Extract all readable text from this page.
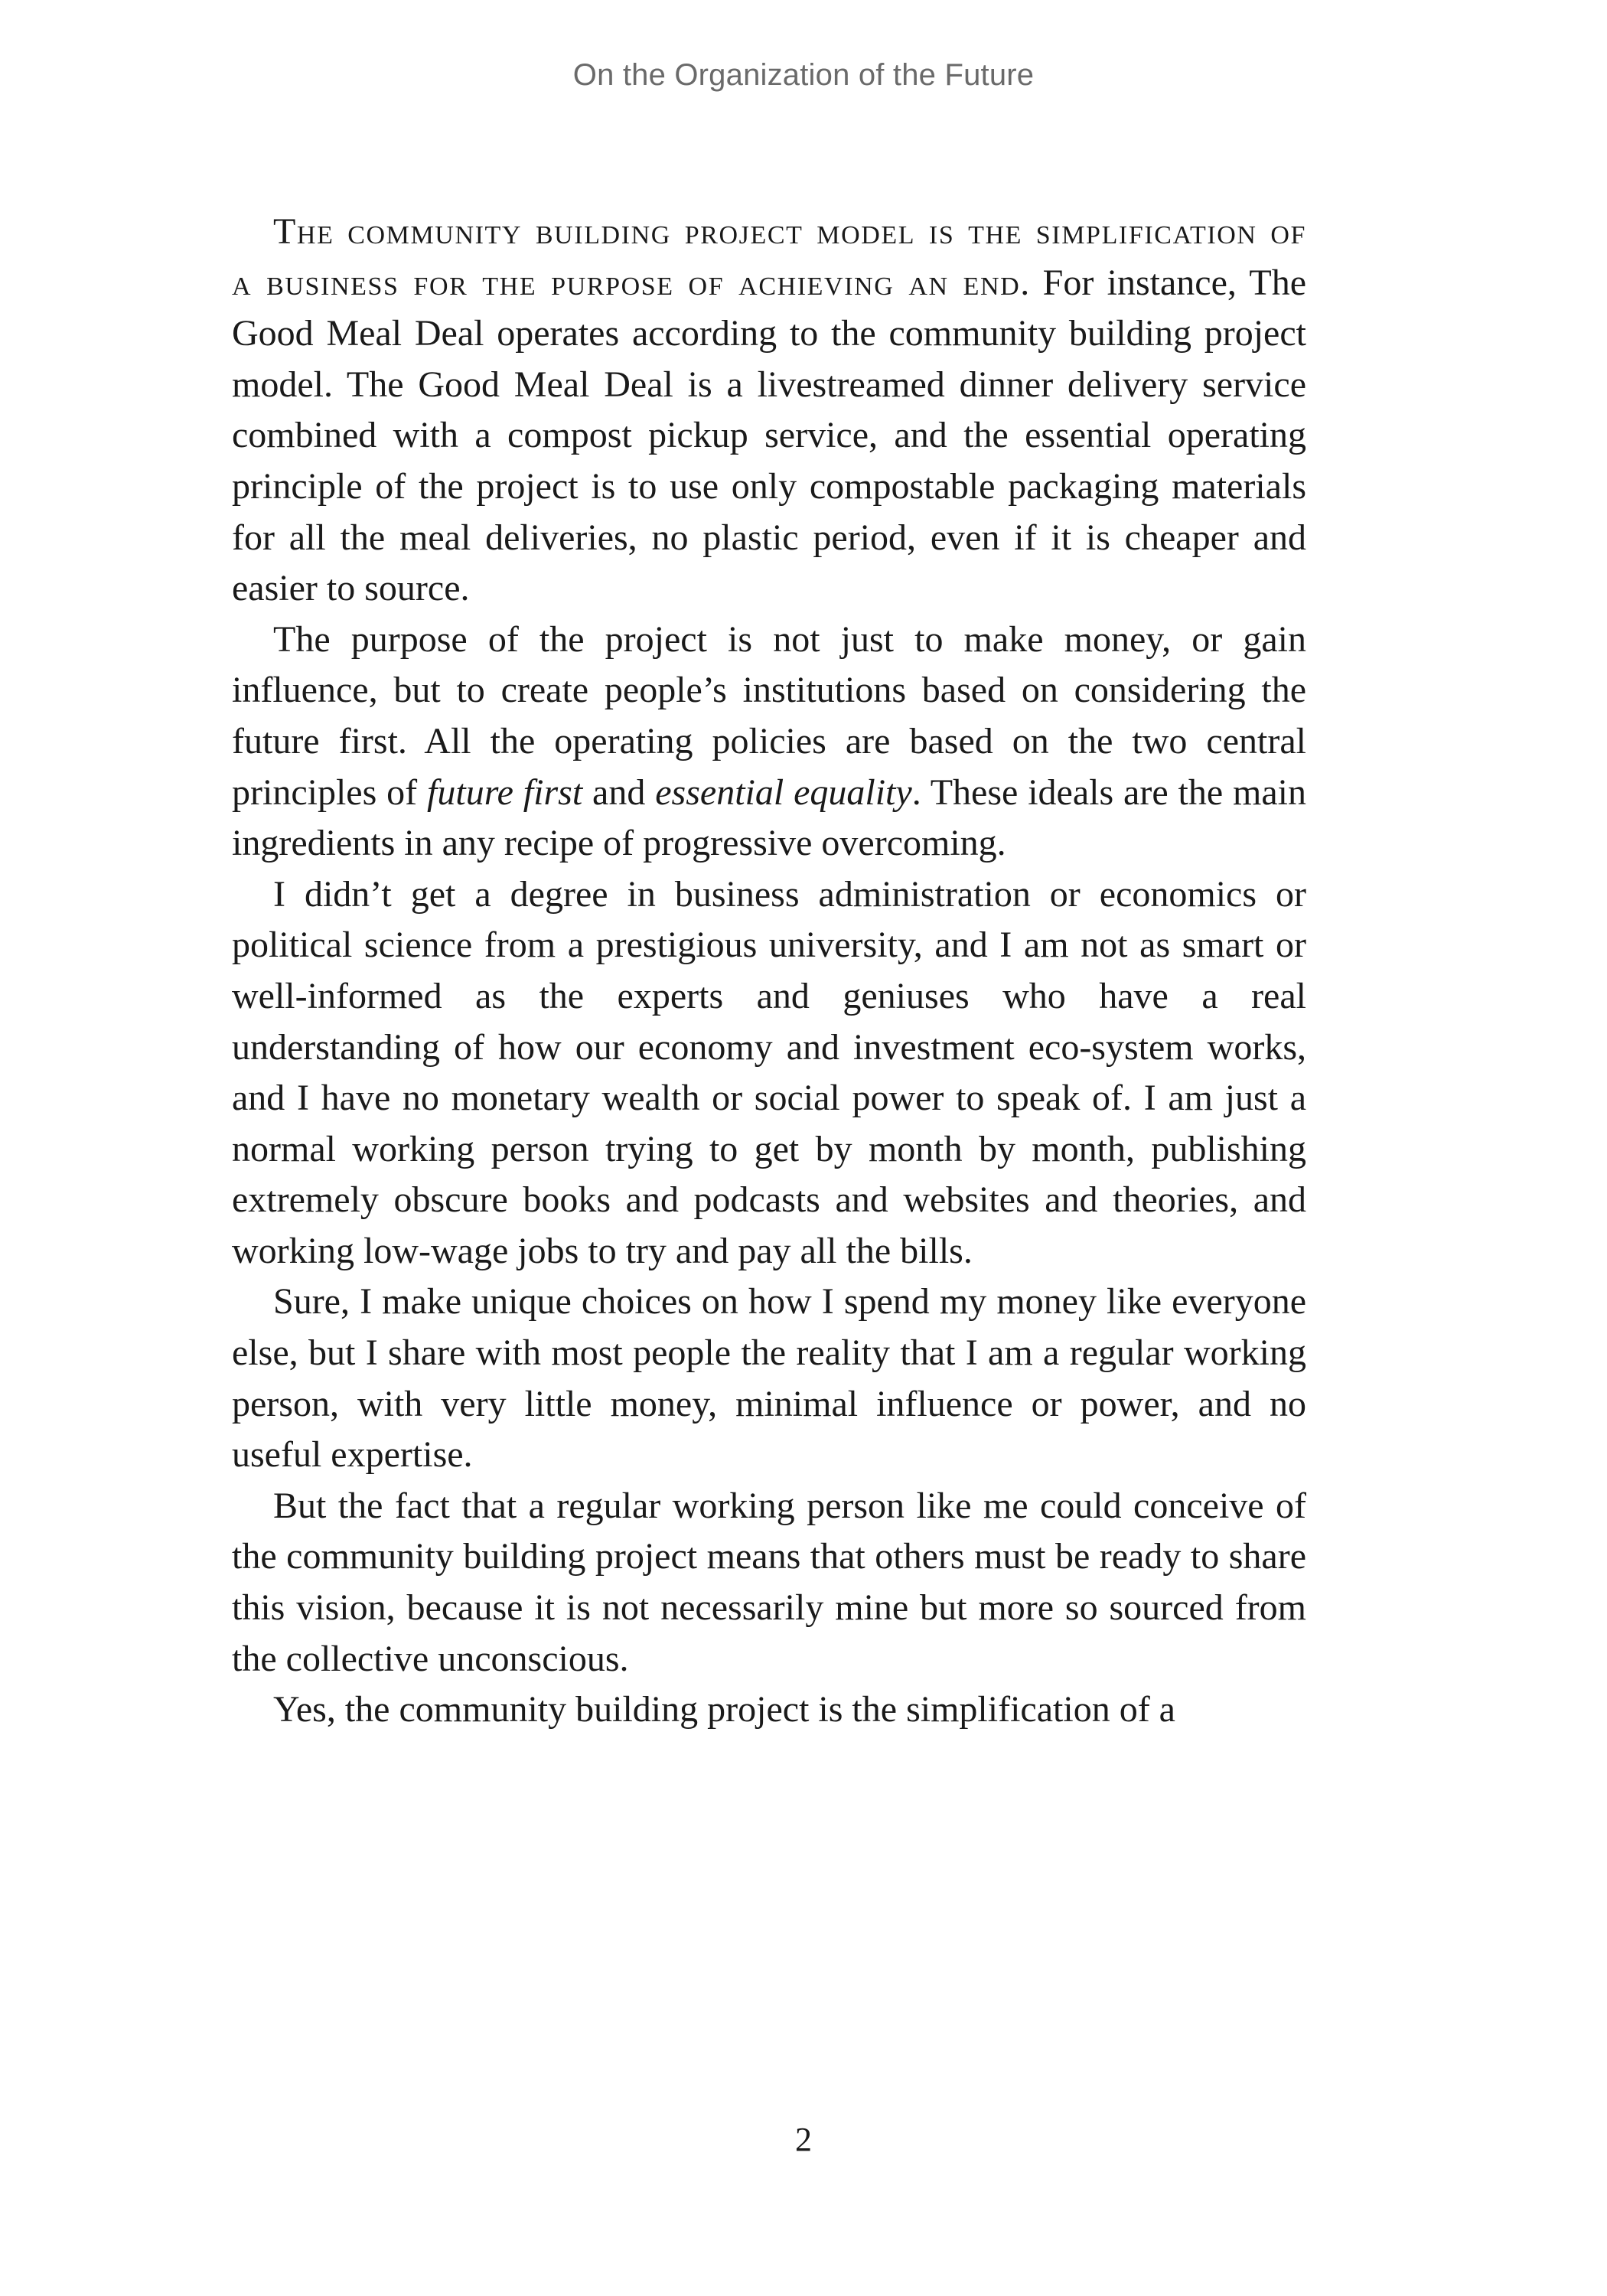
On the Organization of the Future

The community building project model is the simplification of a business for the purpose of achieving an end. For instance, The Good Meal Deal operates according to the community building project model. The Good Meal Deal is a livestreamed dinner delivery service combined with a compost pickup service, and the essential operating principle of the project is to use only compostable packaging materials for all the meal deliveries, no plastic period, even if it is cheaper and easier to source.

The purpose of the project is not just to make money, or gain influence, but to create people’s institutions based on considering the future first. All the operating policies are based on the two central principles of future first and essential equality. These ideals are the main ingredients in any recipe of progressive overcoming.

I didn’t get a degree in business administration or economics or political science from a prestigious university, and I am not as smart or well-informed as the experts and geniuses who have a real understanding of how our economy and investment eco-system works, and I have no monetary wealth or social power to speak of. I am just a normal working person trying to get by month by month, publishing extremely obscure books and podcasts and websites and theories, and working low-wage jobs to try and pay all the bills.

Sure, I make unique choices on how I spend my money like everyone else, but I share with most people the reality that I am a regular working person, with very little money, minimal influence or power, and no useful expertise.

But the fact that a regular working person like me could conceive of the community building project means that others must be ready to share this vision, because it is not necessarily mine but more so sourced from the collective unconscious.

Yes, the community building project is the simplification of a

2
